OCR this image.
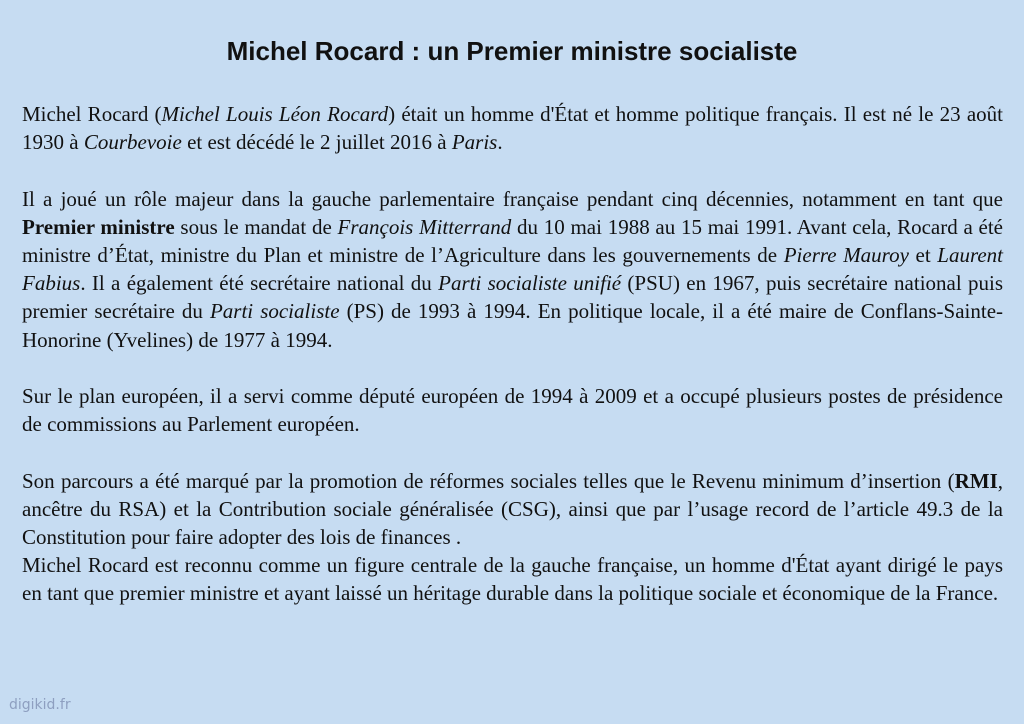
Michel Rocard : un Premier ministre socialiste

Michel Rocard (Michel Louis Léon Rocard) était un homme d'État et homme politique français. Il est né le 23 août 1930 à Courbevoie et est décédé le 2 juillet 2016 à Paris.

Il a joué un rôle majeur dans la gauche parlementaire française pendant cinq décennies, notamment en tant que Premier ministre sous le mandat de François Mitterrand du 10 mai 1988 au 15 mai 1991. Avant cela, Rocard a été ministre d’État, ministre du Plan et ministre de l’Agriculture dans les gouvernements de Pierre Mauroy et Laurent Fabius. Il a également été secrétaire national du Parti socialiste unifié (PSU) en 1967, puis secrétaire national puis premier secrétaire du Parti socialiste (PS) de 1993 à 1994. En politique locale, il a été maire de Conflans-Sainte-Honorine (Yvelines) de 1977 à 1994.

Sur le plan européen, il a servi comme député européen de 1994 à 2009 et a occupé plusieurs postes de présidence de commissions au Parlement européen.

Son parcours a été marqué par la promotion de réformes sociales telles que le Revenu minimum d’insertion (RMI, ancêtre du RSA) et la Contribution sociale généralisée (CSG), ainsi que par l’usage record de l’article 49.3 de la Constitution pour faire adopter des lois de finances .

Michel Rocard est reconnu comme un figure centrale de la gauche française, un homme d'État ayant dirigé le pays en tant que premier ministre et ayant laissé un héritage durable dans la politique sociale et économique de la France.

digikid.fr
